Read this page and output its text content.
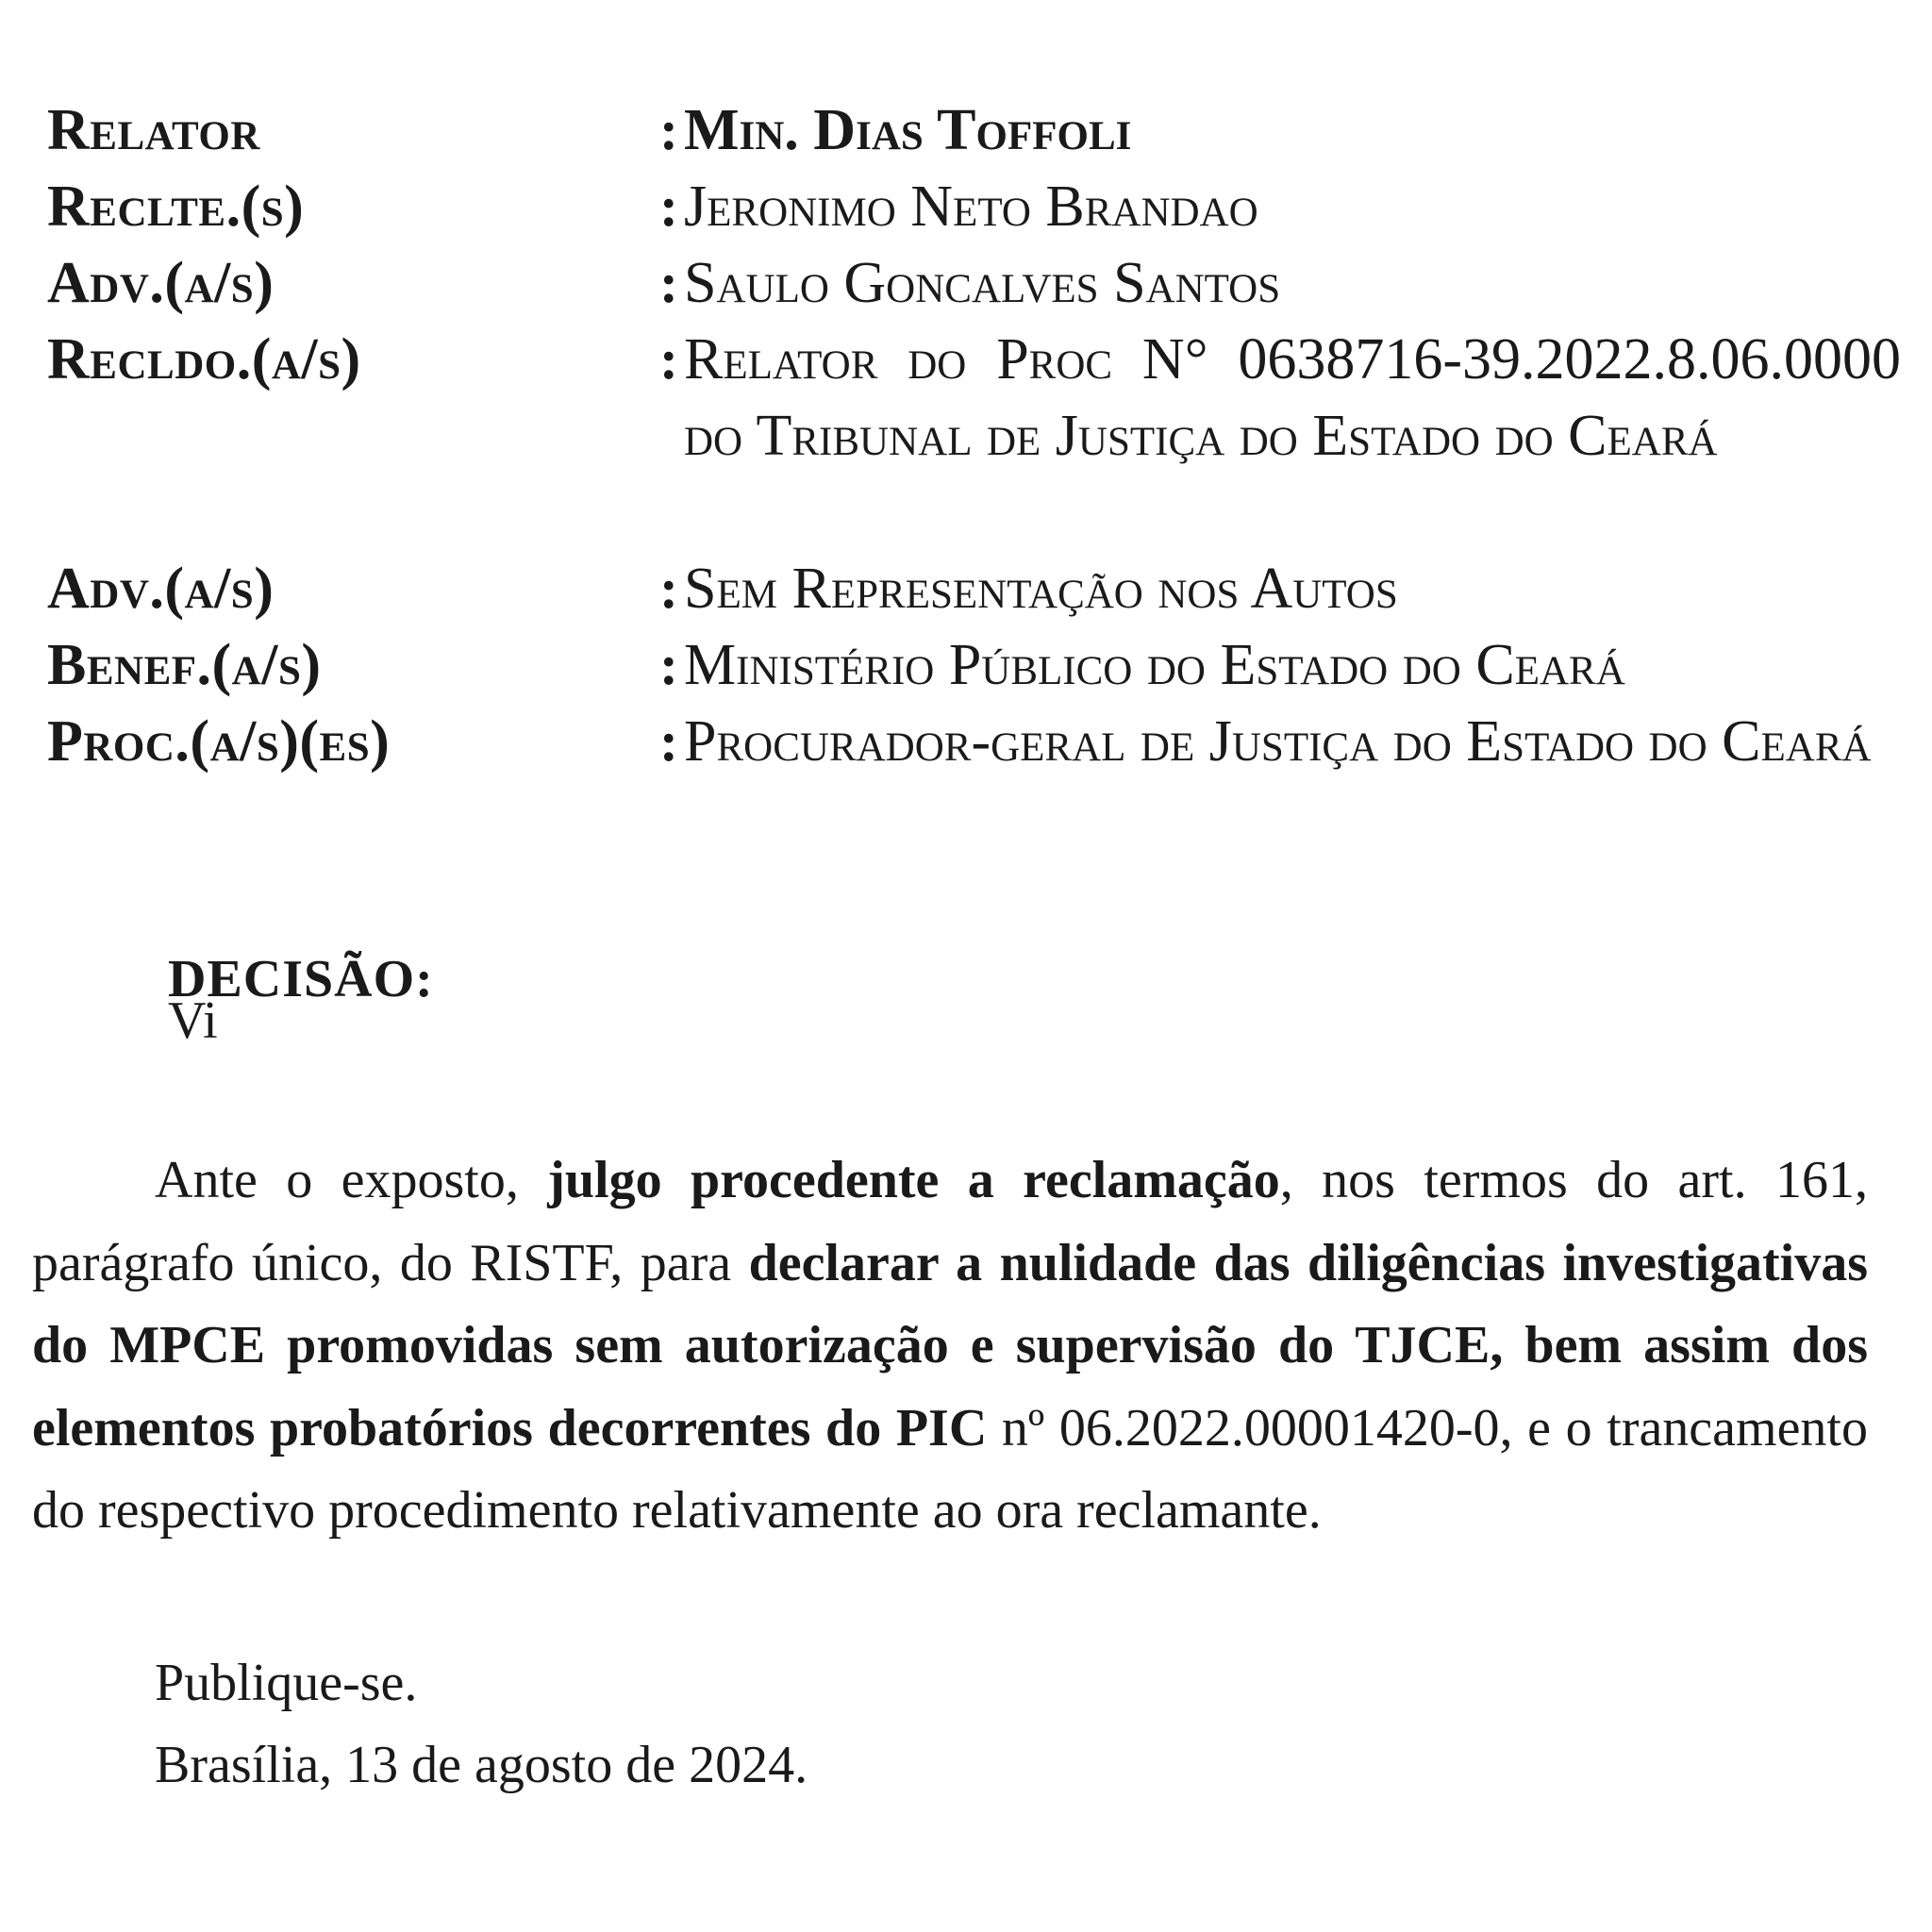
Relator	: Min. Dias Toffoli
Reclte.(s)	: Jeronimo Neto Brandao
Adv.(a/s)	: Saulo Goncalves Santos
Recldo.(a/s)	: Relator do Proc N° 0638716-39.2022.8.06.0000 do Tribunal de Justiça do Estado do Ceará
Adv.(a/s)	: Sem Representação nos Autos
Benef.(a/s)	: Ministério Público do Estado do Ceará
Proc.(a/s)(es)	: Procurador-geral de Justiça do Estado do Ceará
DECISÃO:
Vi
Ante o exposto, julgo procedente a reclamação, nos termos do art. 161, parágrafo único, do RISTF, para declarar a nulidade das diligências investigativas do MPCE promovidas sem autorização e supervisão do TJCE, bem assim dos elementos probatórios decorrentes do PIC nº 06.2022.00001420-0, e o trancamento do respectivo procedimento relativamente ao ora reclamante.
Publique-se.
Brasília, 13 de agosto de 2024.
